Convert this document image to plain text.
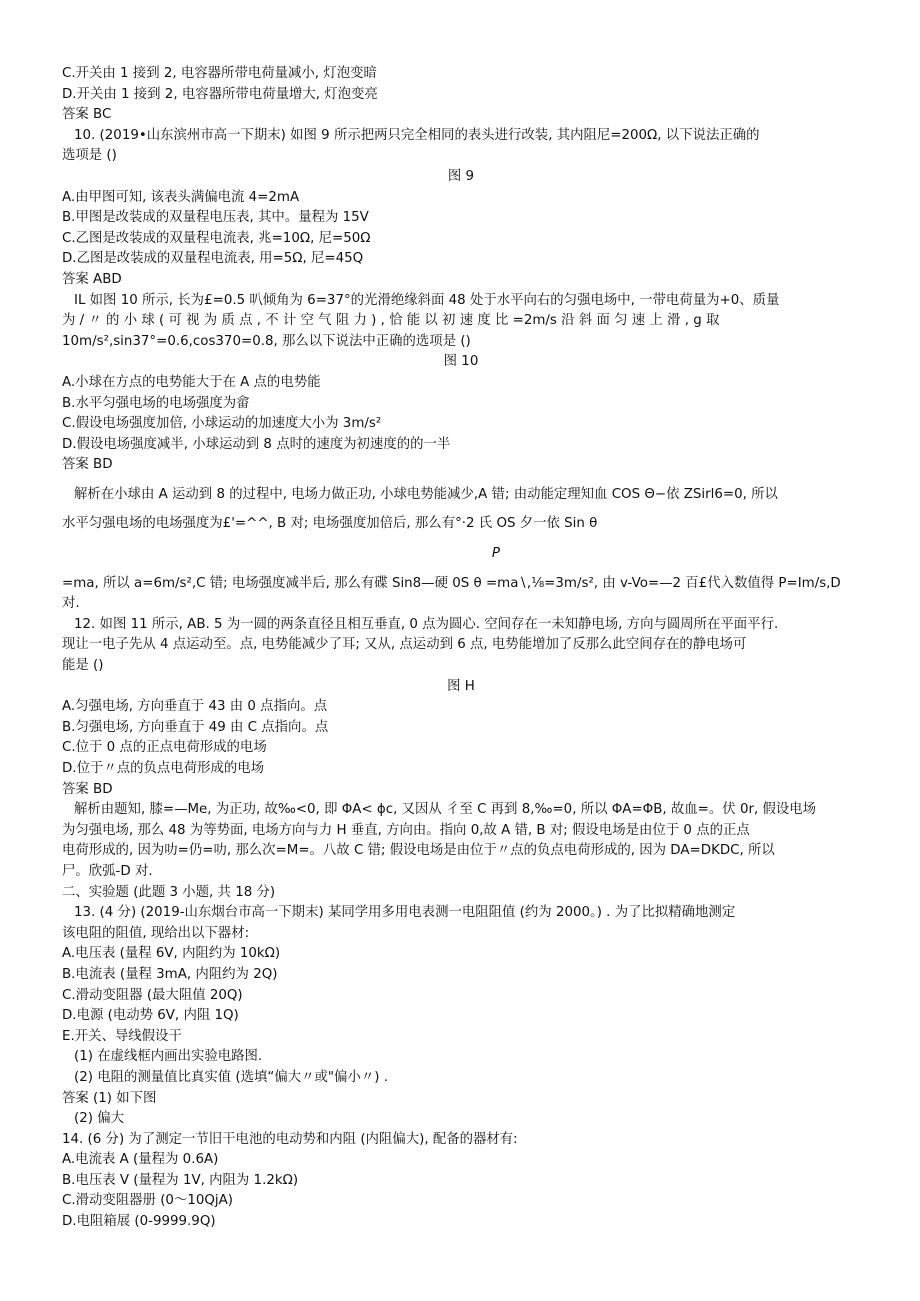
C.开关由 1 接到 2, 电容器所带电荷量减小, 灯泡变暗

D.开关由 1 接到 2, 电容器所带电荷量增大, 灯泡变亮

答案 BC

10. (2019•山东滨州市高一下期末) 如图 9 所示把两只完全相同的表头进行改装, 其内阻尼=200Ω, 以下说法正确的

选项是 ()

图 9

A.由甲图可知, 该表头满偏电流 4=2mA

B.甲图是改装成的双量程电压表, 其中。量程为 15V

C.乙图是改装成的双量程电流表, 兆=10Ω, 尼=50Ω

D.乙图是改装成的双量程电流表, 用=5Ω, 尼=45Q

答案 ABD

IL 如图 10 所示, 长为£=0.5 叭倾角为 6=37°的光滑绝缘斜面 48 处于水平向右的匀强电场中, 一带电荷量为+0、质量

为 / 〃 的 小 球 ( 可 视 为 质 点 , 不 计 空 气 阻 力 ) , 恰 能 以 初 速 度 比 =2m∕s 沿 斜 面 匀 速 上 滑 , g 取

10m∕s²,sin37°=0.6,cos370=0.8, 那么以下说法中正确的选项是 ()

图 10

A.小球在方点的电势能大于在 A 点的电势能

B.水平匀强电场的电场强度为畲

C.假设电场强度加倍, 小球运动的加速度大小为 3m∕s²

D.假设电场强度减半, 小球运动到 8 点时的速度为初速度的的一半

答案 BD

解析在小球由 A 运动到 8 的过程中, 电场力做正功, 小球电势能减少,A 错; 由动能定理知血 COS Θ−依 ZSirl6=0, 所以

水平匀强电场的电场强度为£'=^^, B 对; 电场强度加倍后, 那么有°·2 氏 OS 夕一依 Sin θ

P

=ma, 所以 a=6m∕s²,C 错; 电场强度减半后, 那么有碟 Sin8—硬 0S θ =ma∖,⅛=3m∕s², 由 v-Vo=—2 百£代入数值得 P=Im/s,D

对.

12. 如图 11 所示, AB. 5 为一圆的两条直径且相互垂直, 0 点为圆心. 空间存在一未知静电场, 方向与圆周所在平面平行.

现让一电子先从 4 点运动至。点, 电势能减少了耳; 又从, 点运动到 6 点, 电势能增加了反那么此空间存在的静电场可

能是 ()

图 H

A.匀强电场, 方向垂直于 43 由 0 点指向。点

B.匀强电场, 方向垂直于 49 由 C 点指向。点

C.位于 0 点的正点电荷形成的电场

D.位于〃点的负点电荷形成的电场

答案 BD

解析由题知, 膝=—Me, 为正功, 故‰<0, 即 ΦA< ϕc, 又因从 彳至 C 再到 8,‰=0, 所以 ΦA=ΦB, 故血=。伏 0r, 假设电场

为匀强电场, 那么 48 为等势面, 电场方向与力 H 垂直, 方向由。指向 0,故 A 错, B 对; 假设电场是由位于 0 点的正点

电荷形成的, 因为叻=仍=叻, 那么次=M=。八故 C 错; 假设电场是由位于〃点的负点电荷形成的, 因为 DA=DKDC, 所以

尸。欣弧-D 对.

二、实验题 (此题 3 小题, 共 18 分)

13. (4 分) (2019-山东烟台市高一下期末) 某同学用多用电表测一电阻阻值 (约为 2000。) . 为了比拟精确地测定

该电阻的阻值, 现给出以下器材:

A.电压表 (量程 6V, 内阻约为 10kΩ)

B.电流表 (量程 3mA, 内阻约为 2Q)

C.滑动变阻器 (最大阻值 20Q)

D.电源 (电动势 6V, 内阻 1Q)

E.开关、导线假设干

(1) 在虚线框内画出实验电路图.

(2) 电阻的测量值比真实值 (选填“偏大〃或"偏小〃) .

答案 (1) 如下图

(2) 偏大

14. (6 分) 为了测定一节旧干电池的电动势和内阻 (内阻偏大), 配备的器材有:

A.电流表 A (量程为 0.6A)

B.电压表 V (量程为 1V, 内阻为 1.2kΩ)

C.滑动变阻器册 (0〜10QjA)

D.电阻箱展 (0-9999.9Q)
